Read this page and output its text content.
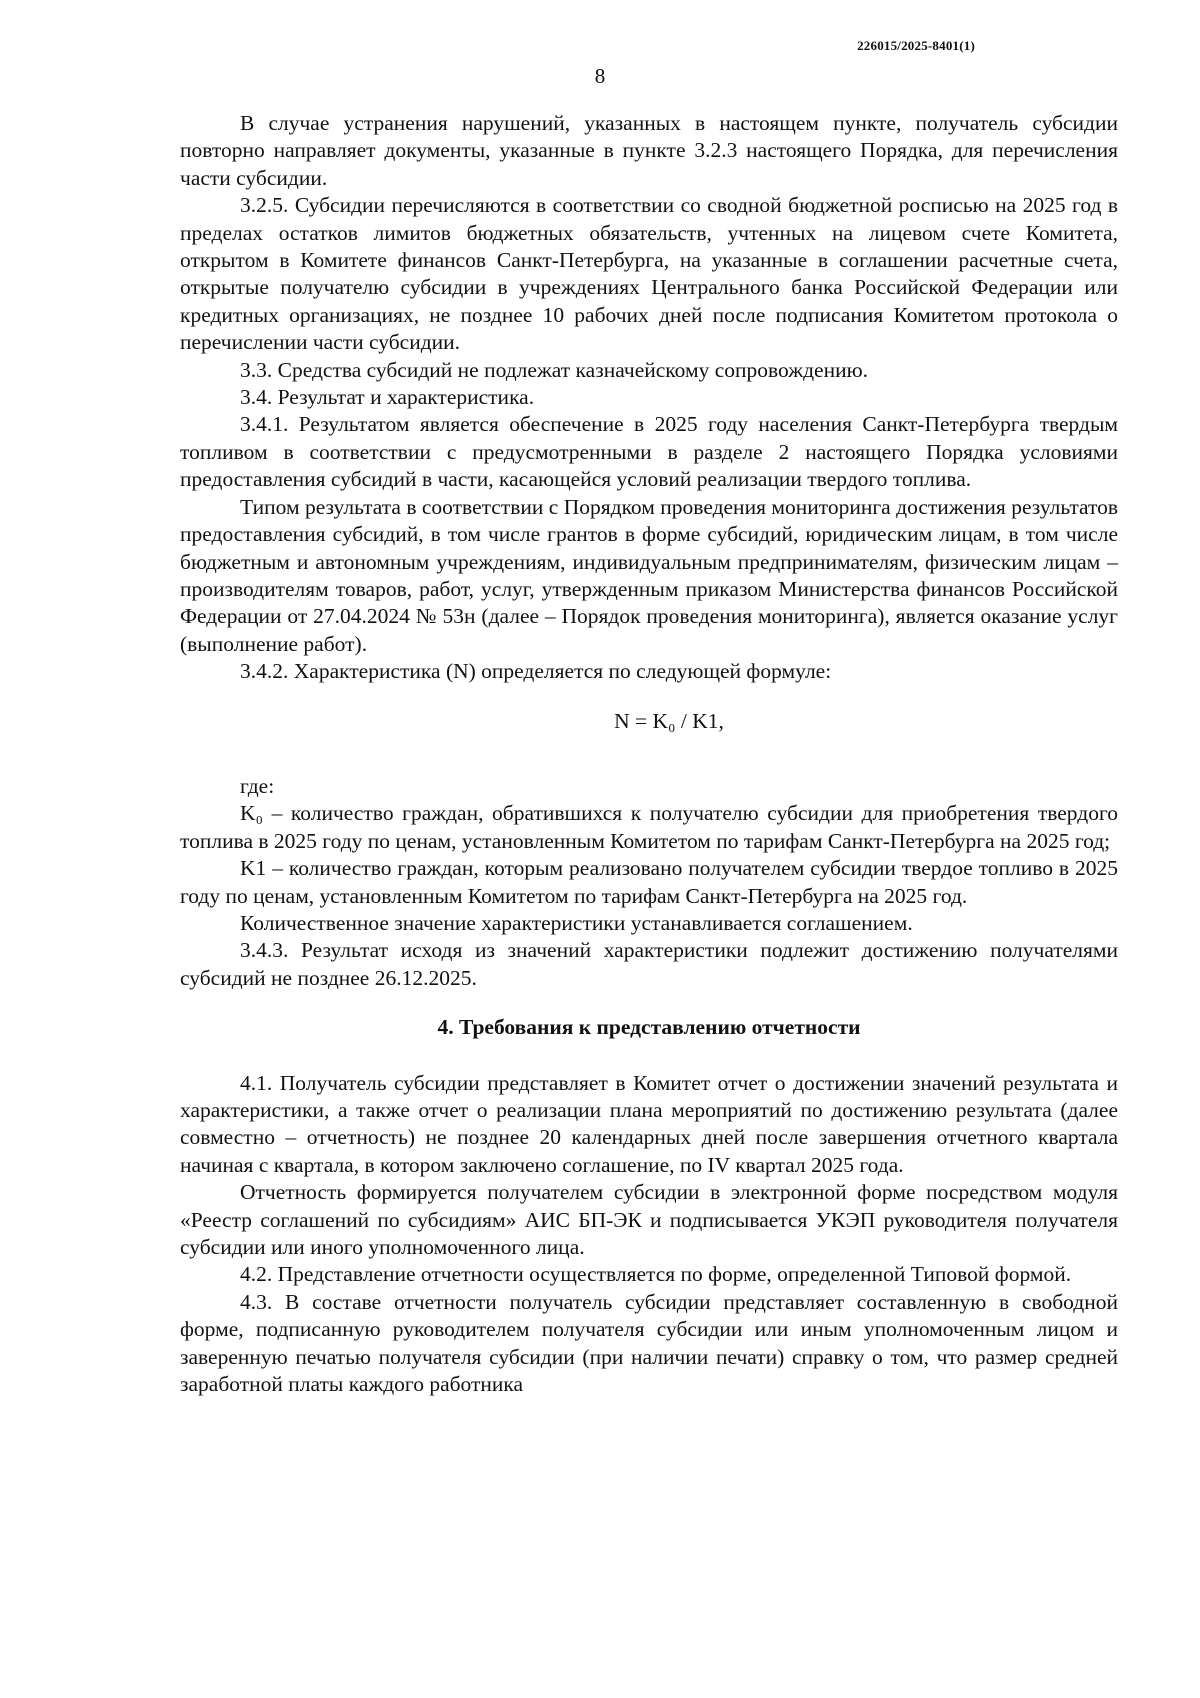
226015/2025-8401(1)
8

В случае устранения нарушений, указанных в настоящем пункте, получатель субсидии повторно направляет документы, указанные в пункте 3.2.3 настоящего Порядка, для перечисления части субсидии.

3.2.5. Субсидии перечисляются в соответствии со сводной бюджетной росписью на 2025 год в пределах остатков лимитов бюджетных обязательств, учтенных на лицевом счете Комитета, открытом в Комитете финансов Санкт-Петербурга, на указанные в соглашении расчетные счета, открытые получателю субсидии в учреждениях Центрального банка Российской Федерации или кредитных организациях, не позднее 10 рабочих дней после подписания Комитетом протокола о перечислении части субсидии.

3.3. Средства субсидий не подлежат казначейскому сопровождению.

3.4. Результат и характеристика.

3.4.1. Результатом является обеспечение в 2025 году населения Санкт-Петербурга твердым топливом в соответствии с предусмотренными в разделе 2 настоящего Порядка условиями предоставления субсидий в части, касающейся условий реализации твердого топлива.

Типом результата в соответствии с Порядком проведения мониторинга достижения результатов предоставления субсидий, в том числе грантов в форме субсидий, юридическим лицам, в том числе бюджетным и автономным учреждениям, индивидуальным предпринимателям, физическим лицам – производителям товаров, работ, услуг, утвержденным приказом Министерства финансов Российской Федерации от 27.04.2024 № 53н (далее – Порядок проведения мониторинга), является оказание услуг (выполнение работ).

3.4.2. Характеристика (N) определяется по следующей формуле:

N = K₀ / K1,

где:

K₀ – количество граждан, обратившихся к получателю субсидии для приобретения твердого топлива в 2025 году по ценам, установленным Комитетом по тарифам Санкт-Петербурга на 2025 год;

K1 – количество граждан, которым реализовано получателем субсидии твердое топливо в 2025 году по ценам, установленным Комитетом по тарифам Санкт-Петербурга на 2025 год.

Количественное значение характеристики устанавливается соглашением.

3.4.3. Результат исходя из значений характеристики подлежит достижению получателями субсидий не позднее 26.12.2025.

4. Требования к представлению отчетности

4.1. Получатель субсидии представляет в Комитет отчет о достижении значений результата и характеристики, а также отчет о реализации плана мероприятий по достижению результата (далее совместно – отчетность) не позднее 20 календарных дней после завершения отчетного квартала начиная с квартала, в котором заключено соглашение, по IV квартал 2025 года.

Отчетность формируется получателем субсидии в электронной форме посредством модуля «Реестр соглашений по субсидиям» АИС БП-ЭК и подписывается УКЭП руководителя получателя субсидии или иного уполномоченного лица.

4.2. Представление отчетности осуществляется по форме, определенной Типовой формой.

4.3. В составе отчетности получатель субсидии представляет составленную в свободной форме, подписанную руководителем получателя субсидии или иным уполномоченным лицом и заверенную печатью получателя субсидии (при наличии печати) справку о том, что размер средней заработной платы каждого работника
